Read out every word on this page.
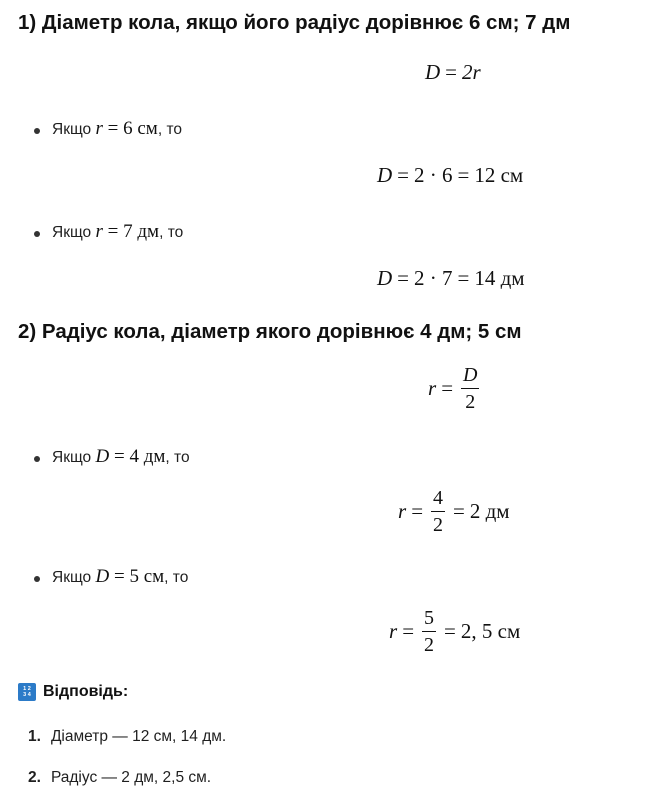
1) Діаметр кола, якщо його радіус дорівнює 6 см; 7 дм
D = 2r
Якщо r = 6 см, то
D = 2 · 6 = 12
см
Якщо r = 7 дм, то
D = 2 · 7 = 14
дм
2) Радіус кола, діаметр якого дорівнює 4 дм; 5 см
$r = \frac{D}{2}$
Якщо D = 4 дм, то
$r = \frac{4}{2} = 2$
дм
Якщо D = 5 см, то
$r = \frac{5}{2} = 2$, 5
см
1 2
3 4 Відповідь:
1. Діаметр — 12 см, 14 дм.
2. Радіус — 2 дм, 2,5 см.
